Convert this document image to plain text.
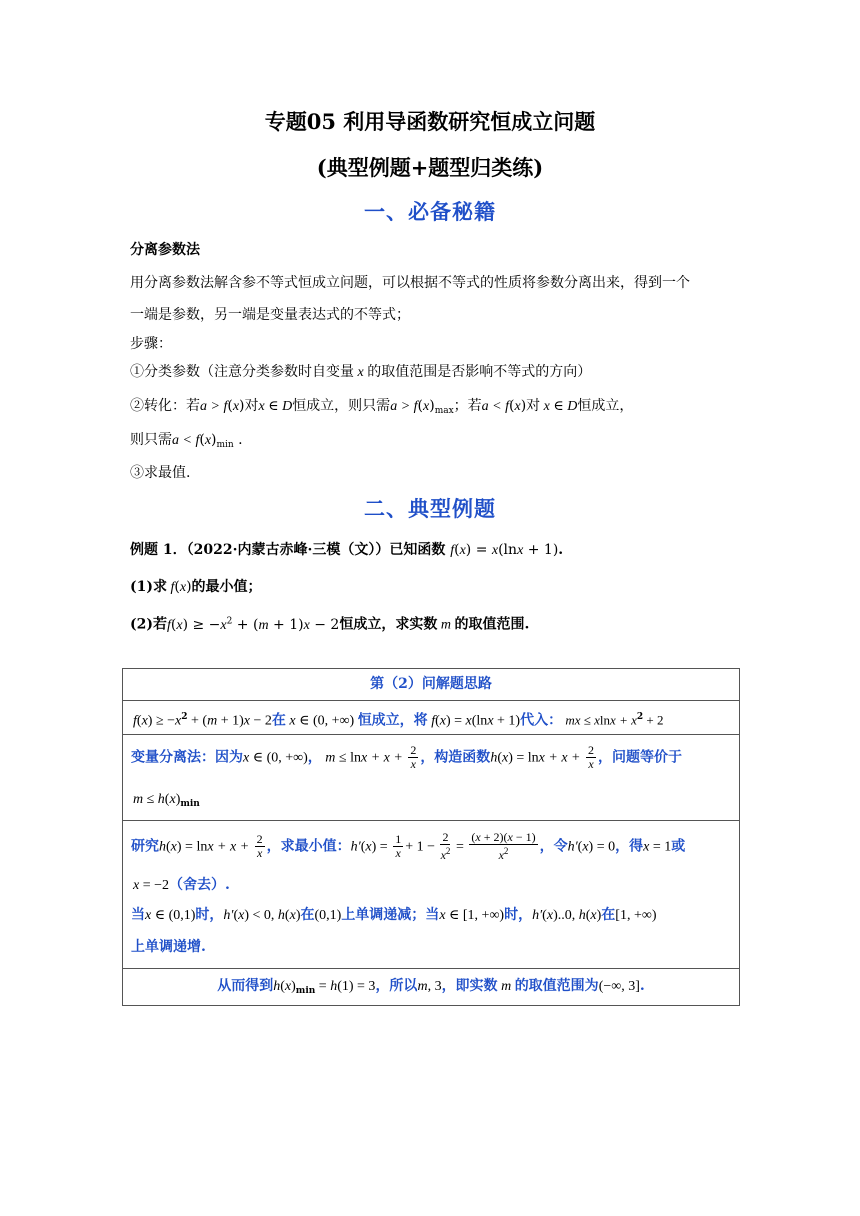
专题05 利用导函数研究恒成立问题
(典型例题+题型归类练)
一、必备秘籍
分离参数法
用分离参数法解含参不等式恒成立问题，可以根据不等式的性质将参数分离出来，得到一个
一端是参数，另一端是变量表达式的不等式；
步骤：
①分类参数（注意分类参数时自变量 x 的取值范围是否影响不等式的方向）
②转化：若a > f(x)对x ∈ D恒成立，则只需$a > f(x)_{max}$；若a < f(x)对 x ∈ D恒成立，
则只需$a < f(x)_{min}$ .
③求最值.
二、典型例题
例题 1．（2022·内蒙古赤峰·三模（文））已知函数 f(x) = x(lnx + 1).
(1)求 f(x)的最小值；
(2)若$f(x) \ge -x^2 + (m + 1)x - 2$恒成立，求实数 m 的取值范围.
第（2）问解题思路
$f(x) \ge -x^2 + (m + 1)x - 2$在 x ∈ (0, +∞) 恒成立，将 f(x) = x(lnx + 1)代入： mx ≤ $xlnx + x^2 + 2$
变量分离法：因为x ∈ (0, +∞)， $m \le \ln x + x + \frac{2}{x}$ ，构造函数$h(x) = \ln x + x + \frac{2}{x}$ ，问题等价于
$m \le h(x)_{min}$
研究$h(x) = \ln x + x + \frac{2}{x}$ ，求最小值：$h'(x) = \frac{1}{x} + 1 - \frac{2}{x^2} = \frac{(x + 2)(x - 1)}{x^2}$ ，令h′(x) = 0，得x = 1或
x = −2（舍去）.
当x ∈ (0,1)时，h′(x) < 0, h(x)在(0,1)上单调递减；当x ∈ [1, +∞)时，h′(x)..0, h(x)在[1, +∞)
上单调递增.
从而得到$h(x)_{min} = h(1) = 3$，所以m, 3，即实数 m 的取值范围为(−∞, 3].
